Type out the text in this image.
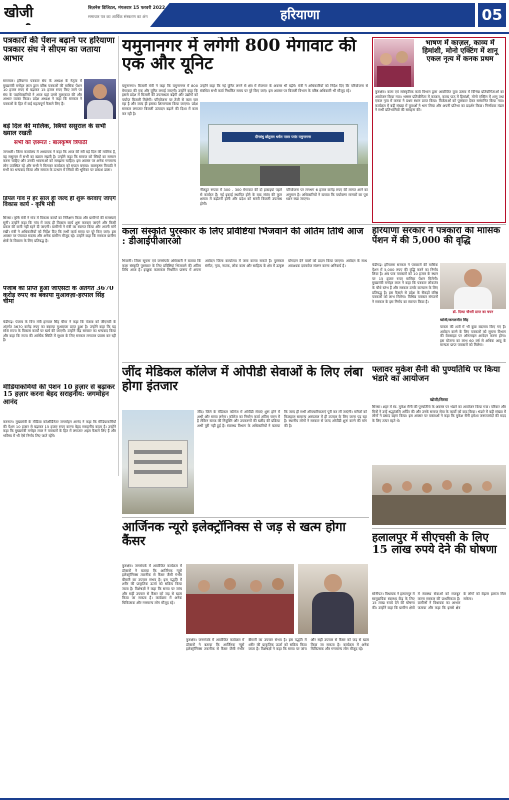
खोजी	बिज़नेस डिजिटल, मंगलवार 15 फरवरी 2022
समाचार पत्र का आर्थिक संस्करण का अंग	हरियाणा	05
पत्रकारों की पेंशन बढ़ाने पर हरियाणा पत्रकार संघ ने सीएम का जताया आभार
समाचार। हरियाणा पत्रकार संघ के अध्यक्ष के नेतृत्व में मुख्यमंत्री मनोहर लाल द्वारा वरिष्ठ पत्रकारों की मासिक पेंशन 10 हजार रुपए से बढ़ाकर 15 हजार रुपए किए जाने पर संघ के पदाधिकारियों ने आज यहां उनसे मुलाकात की और आभार व्यक्त किया। प्रदेश अध्यक्ष ने कहा कि सरकार ने पत्रकारों के हित में कई महत्वपूर्ण फैसले लिए हैं।
बड़े दिल की मालिक, स्त्रियां ससुराल के सभी ख्याल रखती
सभी को ज़रूरत : बालकृष्ण त्रिपाठी
जगाधरी। जिला कार्यालय में अध्यापक ने कहा कि आज की स्त्री बड़े दिल की मालिक है, वह ससुराल में सभी का ख्याल रखती है। उन्होंने कहा कि समाज को स्त्रियों का सम्मान करना चाहिए और उनकी भावनाओं को समझना चाहिए। इस अवसर पर अनेक गणमान्य लोग उपस्थित रहे और सभी ने मिलकर कार्यक्रम को सफल बनाया। बालकृष्ण त्रिपाठी ने सभी का धन्यवाद किया और समाज के उत्थान में स्त्रियों की भूमिका पर प्रकाश डाला।
डिंपल गांव में हर साल ही जल्द ही शुरू करवाए जाएंगे विकास कार्य - कृषि मंत्री
सिरसा। कृषि मंत्री ने गांव में विकास कार्यों का निरीक्षण किया और ग्रामीणों की समस्याएं सुनीं। उन्होंने कहा कि गांव में जल्द ही विकास कार्य शुरू करवाए जाएंगे और किसी प्रकार की कमी नहीं रहने दी जाएगी। ग्रामीणों ने मंत्री का स्वागत किया और अपनी मांगें रखीं। मंत्री ने अधिकारियों को निर्देश दिए कि सभी कार्य समय पर पूरे किए जाएं। इस अवसर पर पंचायत सदस्य और अनेक ग्रामीण मौजूद रहे। उन्होंने कहा कि सरकार ग्रामीण क्षेत्रों के विकास के लिए प्रतिबद्ध है।
पंजाब को प्राप्त हुआ जीएसटी के अंतर्गत 3670 करोड़ रुपए का बकाया मुआवज़ा-हरपाल सिंह चीमा
चंडीगढ़। पंजाब के वित्त मंत्री हरपाल सिंह चीमा ने कहा कि पंजाब को जीएसटी के अंतर्गत 3670 करोड़ रुपए का बकाया मुआवजा प्राप्त हुआ है। उन्होंने कहा कि यह राशि राज्य के विकास कार्यों पर खर्च की जाएगी। उन्होंने केंद्र सरकार का धन्यवाद किया और कहा कि राज्य की आर्थिक स्थिति में सुधार के लिए सरकार लगातार प्रयास कर रही है।
मीडियाकर्मियों की पेंशन 10 हज़ार से बढ़ाकर 15 हज़ार करना बेहद सराहनीय: जगमोहन आनंद
करनाल। मुख्यमंत्री के मीडिया कोऑर्डिनेटर जगमोहन आनंद ने कहा कि मीडियाकर्मियों की पेंशन 10 हजार से बढ़ाकर 15 हजार रुपए करना बेहद सराहनीय कदम है। उन्होंने कहा कि मुख्यमंत्री मनोहर लाल ने पत्रकारों के हित में लगातार अहम फैसले लिए हैं और भविष्य में भी ऐसे निर्णय लिए जाते रहेंगे।
यमुनानगर में लगेगी 800 मेगावाट की एक और यूनिट
यमुनानगर। बिजली मंत्री ने कहा कि यमुनानगर में 800 मेगावाट की एक और यूनिट लगाई जाएगी। उन्होंने कहा कि इससे प्रदेश में बिजली की उपलब्धता बढ़ेगी और उद्योगों को पर्याप्त बिजली मिलेगी। परियोजना पर तेजी से काम चल रहा है और जल्द ही इसका शिलान्यास किया जाएगा। प्रदेश सरकार लगातार बिजली उत्पादन बढ़ाने की दिशा में काम कर रही है।
उन्होंने कहा कि नई यूनिट लगने से क्षेत्र में रोजगार के अवसर भी बढ़ेंगे। मंत्री ने अधिकारियों को निर्देश दिए कि परियोजना से संबंधित सभी कार्य निर्धारित समय पर पूरे किए जाएं। इस अवसर पर बिजली विभाग के वरिष्ठ अधिकारी भी मौजूद रहे।
दीनबंधु छोटूराम थर्मल पावर प्लांट यमुनानगर
नीलहुट रूपया में 300 - 300 मेगावाट की दो इकाइयां पहले से कार्यरत हैं। नई इकाई स्थापित होने के बाद संयंत्र की कुल क्षमता में बढ़ोतरी होगी और प्रदेश को सस्ती बिजली उपलब्ध होगी।
परियोजना पर लगभग 6 हजार करोड़ रुपए की लागत आने का अनुमान है। अधिकारियों ने बताया कि पर्यावरण मानकों का पूरा ध्यान रखा जाएगा।
भाषण में काज़ल, काव्य में हिमांशी, मोनो एक्टिंग में शानू एकल नृत्य में कनक प्रथम
कुरुक्षेत्र। कला एवं सांस्कृतिक कार्य विभाग द्वारा आयोजित युवा उत्सव में विभिन्न प्रतियोगिताओं का आयोजन किया गया। भाषण प्रतियोगिता में काजल, काव्य पाठ में हिमांशी, मोनो एक्टिंग में शानू तथा एकल नृत्य में कनक ने प्रथम स्थान प्राप्त किया। विजेताओं को पुरस्कार देकर सम्मानित किया गया। कार्यक्रम में बड़ी संख्या में युवाओं ने भाग लिया और अपनी प्रतिभा का प्रदर्शन किया। निर्णायक मंडल ने सभी प्रतिभागियों की सराहना की।
कला संस्कृति पुरस्कार के लिए प्रविष्टियां भिजवाने की अंतिम तिथि आज : डीआईपीआरओ
भिवानी। जिला सूचना एवं जनसंपर्क अधिकारी ने बताया कि कला संस्कृति पुरस्कार के लिए प्रविष्टियां भिजवाने की अंतिम तिथि आज है। इच्छुक कलाकार निर्धारित प्रारूप में अपना आवेदन जिला कार्यालय में जमा करवा सकते हैं। पुरस्कार संगीत, नृत्य, नाटक, लोक कला और साहित्य के क्षेत्र में उत्कृष्ट योगदान देने वालों को प्रदान किया जाएगा। आवेदन के साथ आवश्यक दस्तावेज संलग्न करना अनिवार्य है।
हरियाणा सरकार ने पत्रकारों की मासिक पेंशन में की 5,000 की वृद्धि
चंडीगढ़। हरियाणा सरकार ने पत्रकारों की मासिक पेंशन में 5,000 रुपए की वृद्धि करने का निर्णय लिया है। अब पात्र पत्रकारों को 10 हजार के स्थान पर 15 हजार रुपए मासिक पेंशन मिलेगी। मुख्यमंत्री मनोहर लाल ने कहा कि पत्रकार लोकतंत्र के चौथे स्तंभ हैं और सरकार उनके कल्याण के लिए प्रतिबद्ध है। इस फैसले से प्रदेश के सैकड़ों वरिष्ठ पत्रकारों को लाभ मिलेगा। विभिन्न पत्रकार संगठनों ने सरकार के इस निर्णय का स्वागत किया है।
डॉ. दिव्या चौधरी प्राप्त का चयन
खोजी/कमलजीत सिंह
पात्रता की शर्तों में भी कुछ बदलाव किए गए हैं। आवेदन करने के लिए पत्रकारों को सूचना विभाग की वेबसाइट पर ऑनलाइन आवेदन करना होगा। इस योजना का लाभ 60 वर्ष से अधिक आयु के मान्यता प्राप्त पत्रकारों को मिलेगा।
जींद मेडिकल कॉलेज में ओपीडी सेवाओं के लिए लंबा होगा इंतजार
जींद। जिले के मेडिकल कॉलेज में ओपीडी सेवाएं शुरू होने में अभी और समय लगेगा। कॉलेज का निर्माण कार्य अंतिम चरण में है लेकिन स्टाफ की नियुक्ति और उपकरणों की खरीद की प्रक्रिया अभी पूरी नहीं हुई है। स्वास्थ्य विभाग के अधिकारियों ने बताया कि जल्द ही सभी औपचारिकताएं पूरी कर ली जाएंगी। मरीजों को फिलहाल सामान्य अस्पताल में ही उपचार के लिए जाना पड़ रहा है। स्थानीय लोगों ने सरकार से जल्द ओपीडी शुरू करने की मांग की है।
फ्लावर मुकेश सैनी की पुण्यतिथि पर किया भंडारे का आयोजन
खोजी/सिरसा
सिरसा। शहर में स्व. मुकेश सैनी की पुण्यतिथि के अवसर पर भंडारे का आयोजन किया गया। परिवार और मित्रों ने उन्हें श्रद्धांजलि अर्पित की और उनके समाज सेवा के कार्यों को याद किया। भंडारे में बड़ी संख्या में लोगों ने प्रसाद ग्रहण किया। इस अवसर पर वक्ताओं ने कहा कि मुकेश सैनी हमेशा जरूरतमंदों की मदद के लिए तत्पर रहते थे।
आर्जिनक न्यूरो इलेक्ट्रॉनिक्स से जड़ से खत्म होगा कैंसर
कुरुक्षेत्र। जनसंपर्क में आयोजित कार्यक्रम में डॉक्टरों ने बताया कि आर्जिनक न्यूरो इलेक्ट्रॉनिक्स तकनीक से कैंसर जैसी गंभीर बीमारी का उपचार संभव है। इस पद्धति में शरीर की प्राकृतिक ऊर्जा को सक्रिय किया जाता है। विशेषज्ञों ने कहा कि समय पर जांच और सही उपचार से कैंसर को जड़ से खत्म किया जा सकता है। कार्यक्रम में अनेक चिकित्सक और गणमान्य लोग मौजूद रहे।
कुरुक्षेत्र। जनसंपर्क में आयोजित कार्यक्रम में डॉक्टरों ने बताया कि आर्जिनक न्यूरो इलेक्ट्रॉनिक्स तकनीक से कैंसर जैसी गंभीर बीमारी का उपचार संभव है। इस पद्धति में शरीर की प्राकृतिक ऊर्जा को सक्रिय किया जाता है। विशेषज्ञों ने कहा कि समय पर जांच और सही उपचार से कैंसर को जड़ से खत्म किया जा सकता है। कार्यक्रम में अनेक चिकित्सक और गणमान्य लोग मौजूद रहे।
हलालपुर में सीएचसी के लिए 15 लाख रुपये देने की घोषणा
सोनीपत। विधायक ने हलालपुर में सामुदायिक स्वास्थ्य केंद्र के लिए 15 लाख रुपये देने की घोषणा की। उन्होंने कहा कि ग्रामीण क्षेत्रों में स्वास्थ्य सेवाओं को मजबूत करना सरकार की प्राथमिकता है। ग्रामीणों ने विधायक का आभार जताया और कहा कि इससे क्षेत्र के लोगों को बेहतर इलाज मिल सकेगा।
